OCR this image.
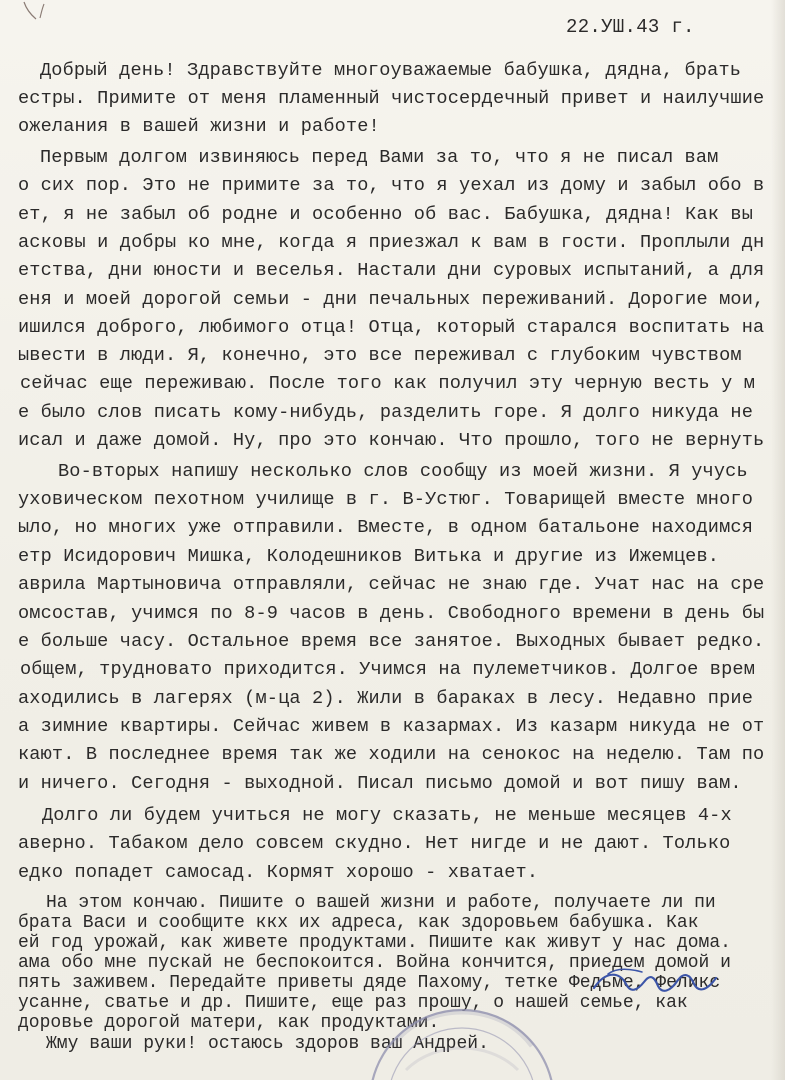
22.УШ.43 г.
Добрый день! Здравствуйте многоуважаемые бабушка, дядна, брать
естры. Примите от меня пламенный чистосердечный привет и наилучшие
ожелания в вашей жизни и работе!
Первым долгом извиняюсь перед Вами за то, что я не писал вам
о сих пор. Это не примите за то, что я уехал из дому и забыл обо в
ет, я не забыл об родне и особенно об вас. Бабушка, дядна! Как вы
асковы и добры ко мне, когда я приезжал к вам в гости. Проплыли дн
етства, дни юности и веселья. Настали дни суровых испытаний, а для
еня и моей дорогой семьи - дни печальных переживаний. Дорогие мои,
ишился доброго, любимого отца! Отца, который старался воспитать на
ывести в люди. Я, конечно, это все переживал с глубоким чувством
сейчас еще переживаю. После того как получил эту черную весть у м
е было слов писать кому-нибудь, разделить горе. Я долго никуда не
исал и даже домой. Ну, про это кончаю. Что прошло, того не вернуть
Во-вторых напишу несколько слов сообщу из моей жизни. Я учусь
уховическом пехотном училище в г. В-Устюг. Товарищей вместе много
ыло, но многих уже отправили. Вместе, в одном батальоне находимся
етр Исидорович Мишка, Колодешников Витька и другие из Ижемцев.
аврила Мартыновича отправляли, сейчас не знаю где. Учат нас на сре
омсостав, учимся по 8-9 часов в день. Свободного времени в день бы
е больше часу. Остальное время все занятое. Выходных бывает редко.
общем, трудновато приходится. Учимся на пулеметчиков. Долгое врем
аходились в лагерях (м-ца 2). Жили в бараках в лесу. Недавно прие
а зимние квартиры. Сейчас живем в казармах. Из казарм никуда не от
кают. В последнее время так же ходили на сенокос на неделю. Там по
и ничего. Сегодня - выходной. Писал письмо домой и вот пишу вам.
Долго ли будем учиться не могу сказать, не меньше месяцев 4-х
аверно. Табаком дело совсем скудно. Нет нигде и не дают. Только
едко попадет самосад. Кормят хорошо - хватает.
На этом кончаю. Пишите о вашей жизни и работе, получаете ли пи
брата Васи и сообщите ккх их адреса, как здоровьем бабушка. Как
ей год урожай, как живете продуктами. Пишите как живут у нас дома.
ама обо мне пускай не беспокоится. Война кончится, приедем домой и
пять заживем. Передайте приветы дяде Пахому, тетке Федьме, Феликс
усанне, сватье и др. Пишите, еще раз прошу, о нашей семье, как
доровье дорогой матери, как продуктами.
Жму ваши руки! остаюсь здоров ваш Андрей.
